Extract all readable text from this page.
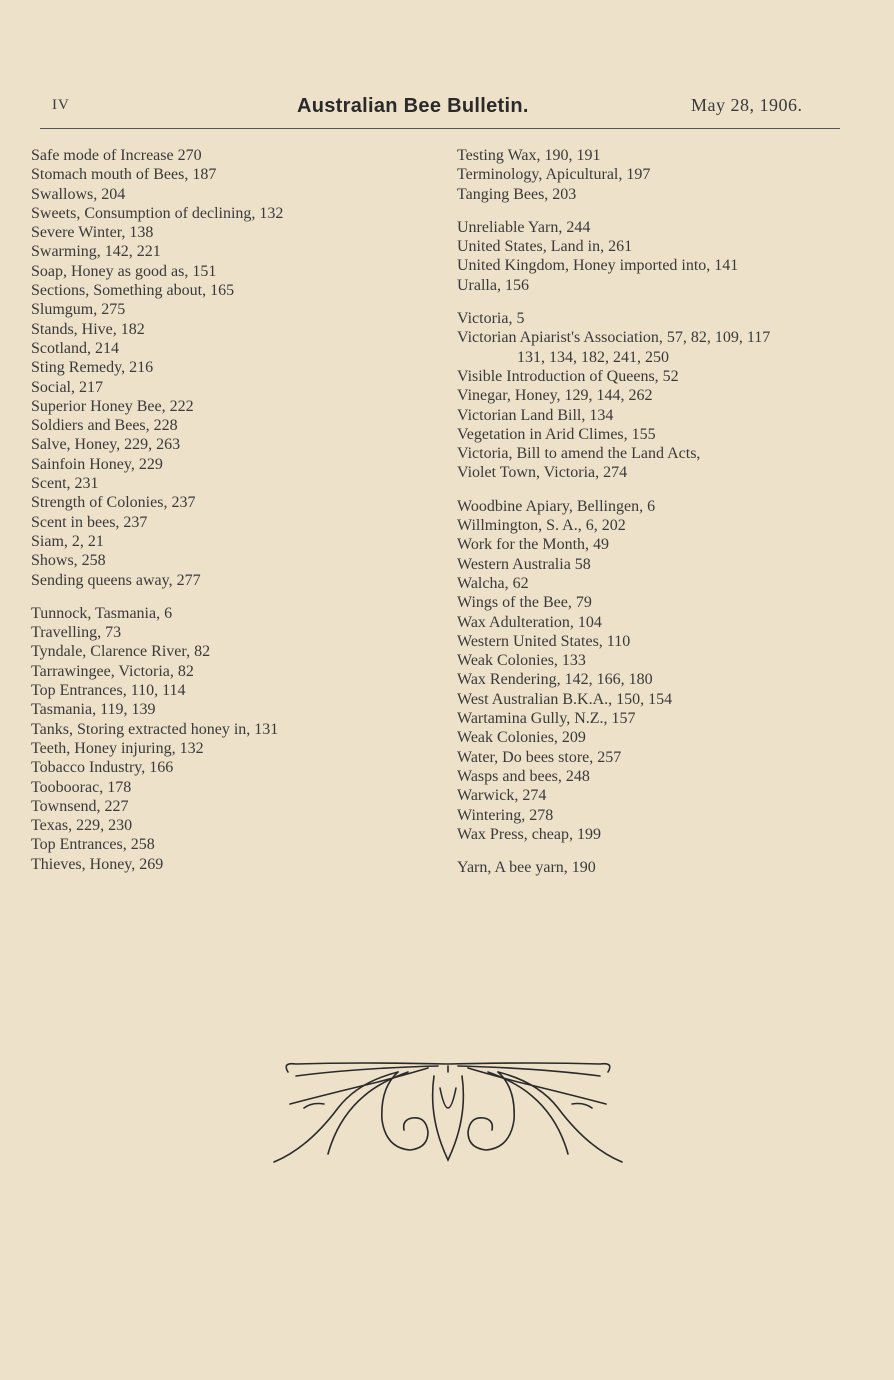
IV	Australian Bee Bulletin.	May 28, 1906.
Safe mode of Increase 270
Stomach mouth of Bees, 187
Swallows, 204
Sweets, Consumption of declining, 132
Severe Winter, 138
Swarming, 142, 221
Soap, Honey as good as, 151
Sections, Something about, 165
Slumgum, 275
Stands, Hive, 182
Scotland, 214
Sting Remedy, 216
Social, 217
Superior Honey Bee, 222
Soldiers and Bees, 228
Salve, Honey, 229, 263
Sainfoin Honey, 229
Scent, 231
Strength of Colonies, 237
Scent in bees, 237
Siam, 2, 21
Shows, 258
Sending queens away, 277
Tunnock, Tasmania, 6
Travelling, 73
Tyndale, Clarence River, 82
Tarrawingee, Victoria, 82
Top Entrances, 110, 114
Tasmania, 119, 139
Tanks, Storing extracted honey in, 131
Teeth, Honey injuring, 132
Tobacco Industry, 166
Tooboorac, 178
Townsend, 227
Texas, 229, 230
Top Entrances, 258
Thieves, Honey, 269
Testing Wax, 190, 191
Terminology, Apicultural, 197
Tanging Bees, 203
Unreliable Yarn, 244
United States, Land in, 261
United Kingdom, Honey imported into, 141
Uralla, 156
Victoria, 5
Victorian Apiarist's Association, 57, 82, 109, 117
131, 134, 182, 241, 250
Visible Introduction of Queens, 52
Vinegar, Honey, 129, 144, 262
Victorian Land Bill, 134
Vegetation in Arid Climes, 155
Victoria, Bill to amend the Land Acts,
Violet Town, Victoria, 274
Woodbine Apiary, Bellingen, 6
Willmington, S. A., 6, 202
Work for the Month, 49
Western Australia 58
Walcha, 62
Wings of the Bee, 79
Wax Adulteration, 104
Western United States, 110
Weak Colonies, 133
Wax Rendering, 142, 166, 180
West Australian B.K.A., 150, 154
Wartamina Gully, N.Z., 157
Weak Colonies, 209
Water, Do bees store, 257
Wasps and bees, 248
Warwick, 274
Wintering, 278
Wax Press, cheap, 199
Yarn, A bee yarn, 190
